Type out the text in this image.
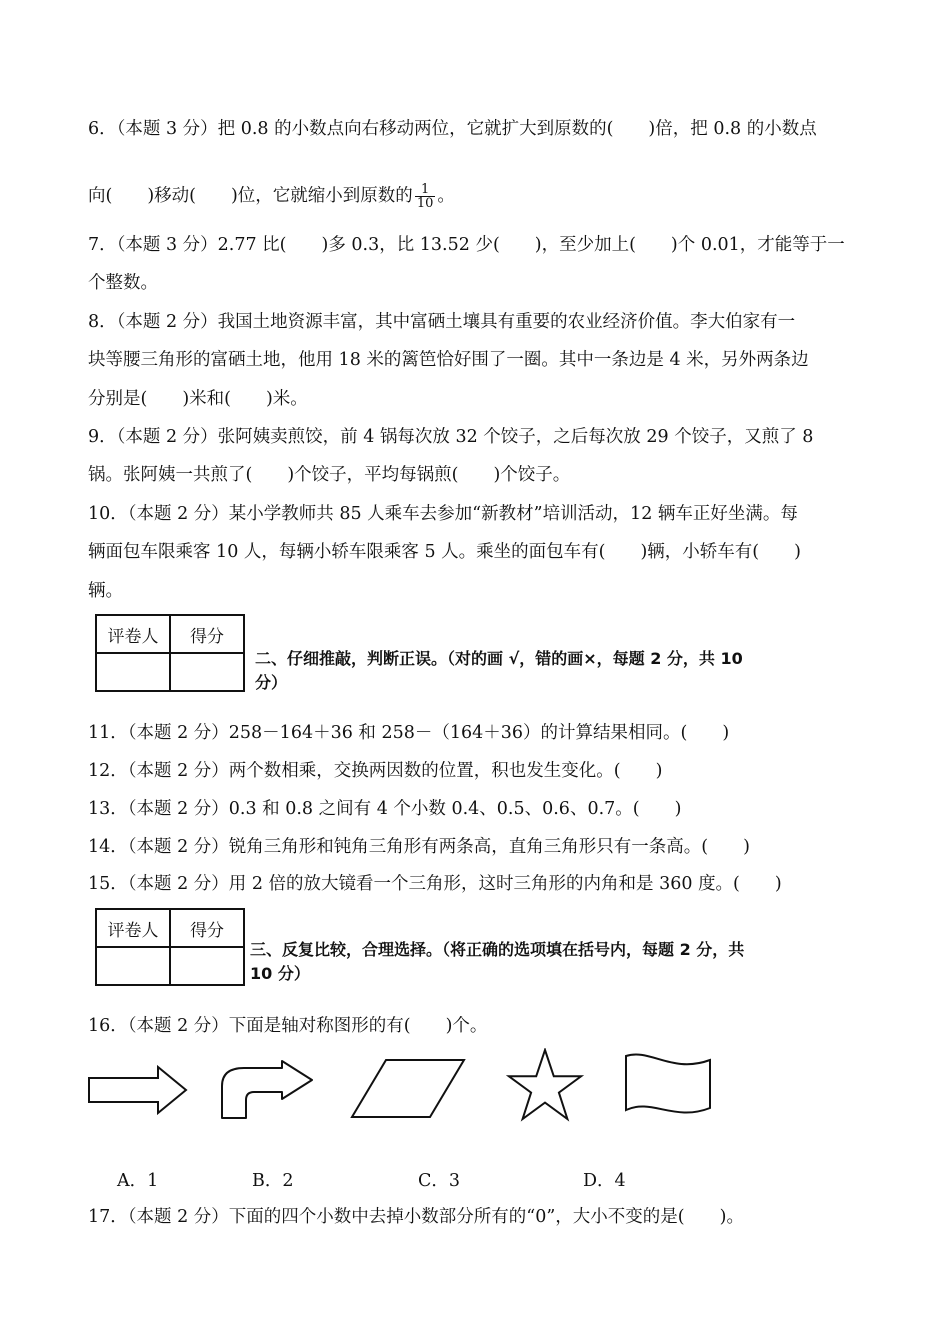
6．（本题 3 分）把 0.8 的小数点向右移动两位，它就扩大到原数的(　　)倍，把 0.8 的小数点
向(　　)移动(　　)位，它就缩小到原数的 $\frac{1}{10}$ 。
7．（本题 3 分）2.77 比(　　)多 0.3，比 13.52 少(　　)，至少加上(　　)个 0.01，才能等于一
个整数。
8．（本题 2 分）我国土地资源丰富，其中富硒土壤具有重要的农业经济价值。李大伯家有一
块等腰三角形的富硒土地，他用 18 米的篱笆恰好围了一圈。其中一条边是 4 米，另外两条边
分别是(　　)米和(　　)米。
9．（本题 2 分）张阿姨卖煎饺，前 4 锅每次放 32 个饺子，之后每次放 29 个饺子，又煎了 8
锅。张阿姨一共煎了(　　)个饺子，平均每锅煎(　　)个饺子。
10．（本题 2 分）某小学教师共 85 人乘车去参加“新教材”培训活动，12 辆车正好坐满。每
辆面包车限乘客 10 人，每辆小轿车限乘客 5 人。乘坐的面包车有(　　)辆，小轿车有(　　)
辆。
评卷人	得分

二、仔细推敲，判断正误。（对的画 √，错的画×，每题 2 分，共 10
分）
11．（本题 2 分）258－164＋36 和 258－（164＋36）的计算结果相同。(　　)
12．（本题 2 分）两个数相乘，交换两因数的位置，积也发生变化。(　　)
13．（本题 2 分）0.3 和 0.8 之间有 4 个小数 0.4、0.5、0.6、0.7。(　　)
14．（本题 2 分）锐角三角形和钝角三角形有两条高，直角三角形只有一条高。(　　)
15．（本题 2 分）用 2 倍的放大镜看一个三角形，这时三角形的内角和是 360 度。(　　)
评卷人	得分

三、反复比较，合理选择。（将正确的选项填在括号内，每题 2 分，共
10 分）
16．（本题 2 分）下面是轴对称图形的有(　　)个。
A．1	B．2	C．3	D．4
17．（本题 2 分）下面的四个小数中去掉小数部分所有的“0”，大小不变的是(　　)。
